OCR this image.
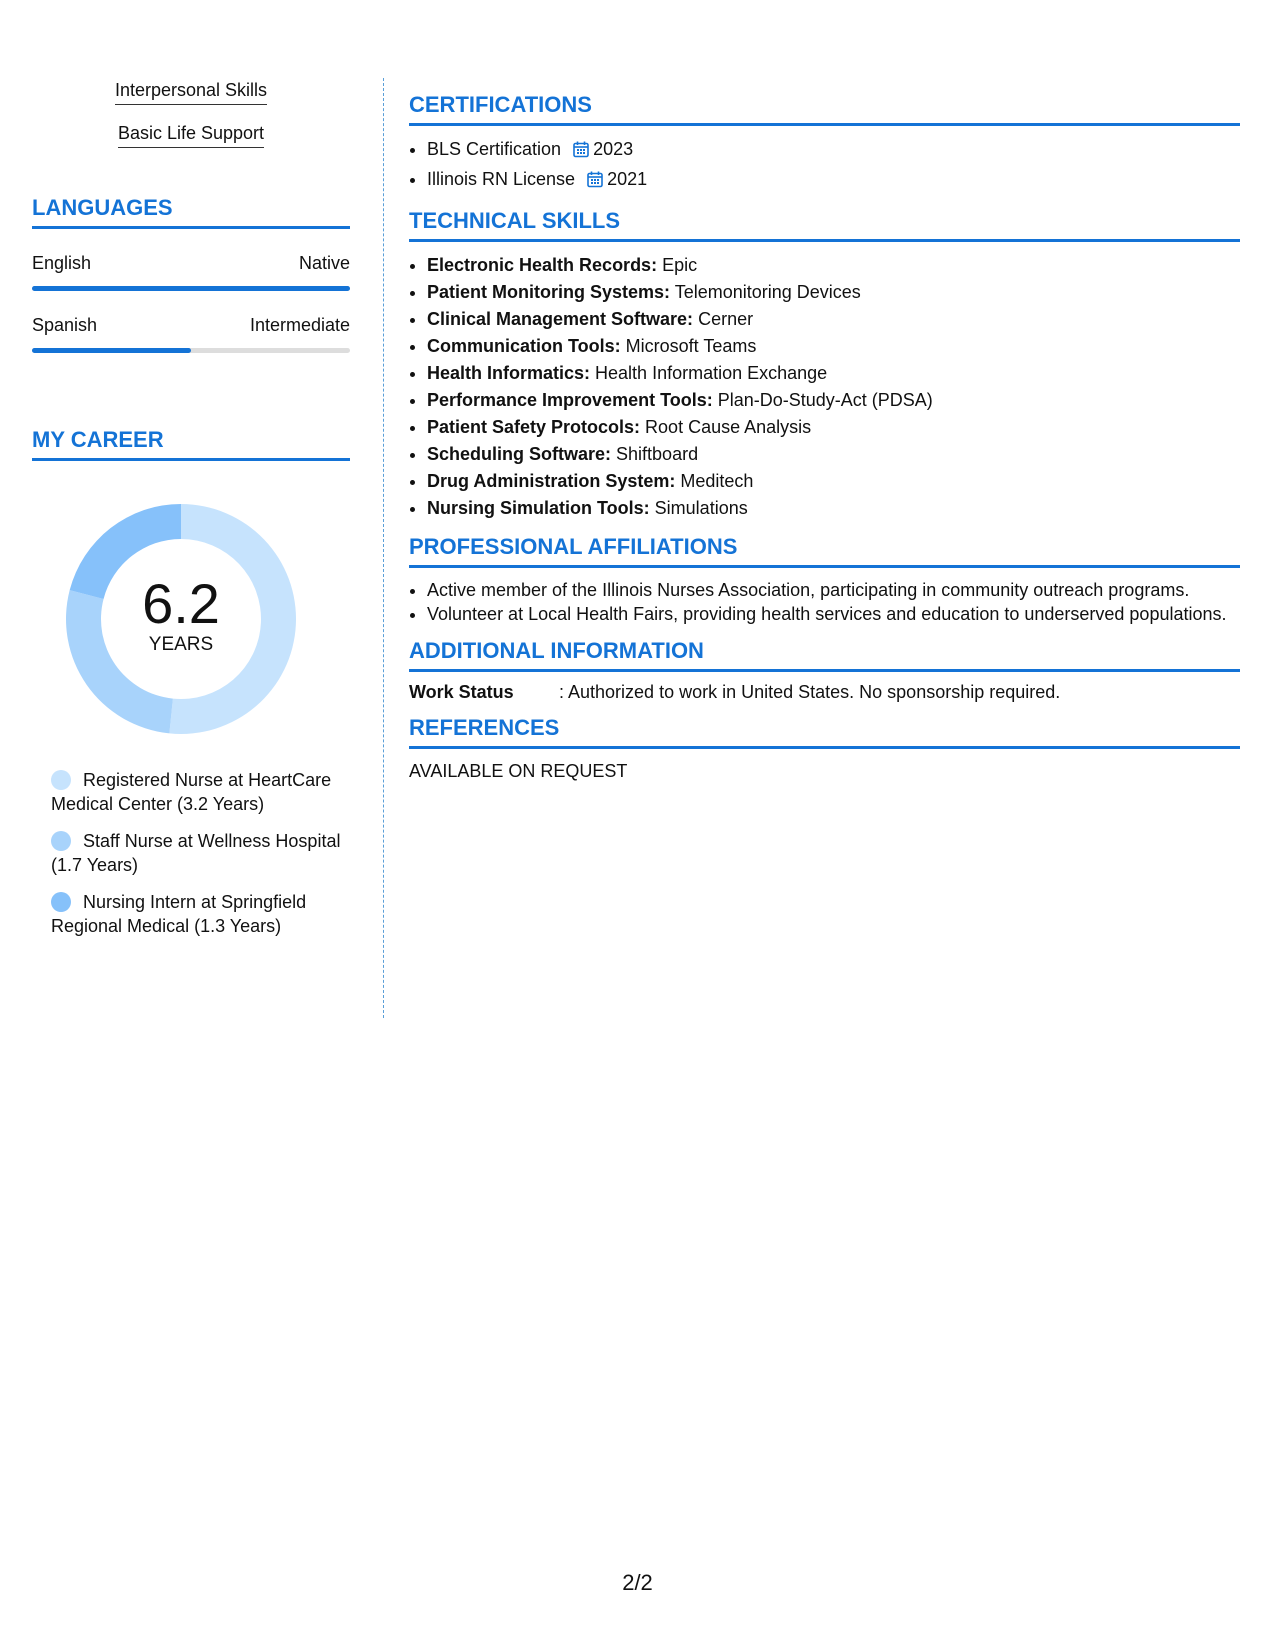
Interpersonal Skills
Basic Life Support
LANGUAGES
English	Native
Spanish	Intermediate
MY CAREER
6.2
YEARS
Registered Nurse at HeartCare Medical Center (3.2 Years)
Staff Nurse at Wellness Hospital (1.7 Years)
Nursing Intern at Springfield Regional Medical (1.3 Years)
CERTIFICATIONS
• BLS Certification 2023
• Illinois RN License 2021
TECHNICAL SKILLS
• Electronic Health Records: Epic
• Patient Monitoring Systems: Telemonitoring Devices
• Clinical Management Software: Cerner
• Communication Tools: Microsoft Teams
• Health Informatics: Health Information Exchange
• Performance Improvement Tools: Plan-Do-Study-Act (PDSA)
• Patient Safety Protocols: Root Cause Analysis
• Scheduling Software: Shiftboard
• Drug Administration System: Meditech
• Nursing Simulation Tools: Simulations
PROFESSIONAL AFFILIATIONS
• Active member of the Illinois Nurses Association, participating in community outreach programs.
• Volunteer at Local Health Fairs, providing health services and education to underserved populations.
ADDITIONAL INFORMATION
Work Status	: Authorized to work in United States. No sponsorship required.
REFERENCES
AVAILABLE ON REQUEST
2/2
